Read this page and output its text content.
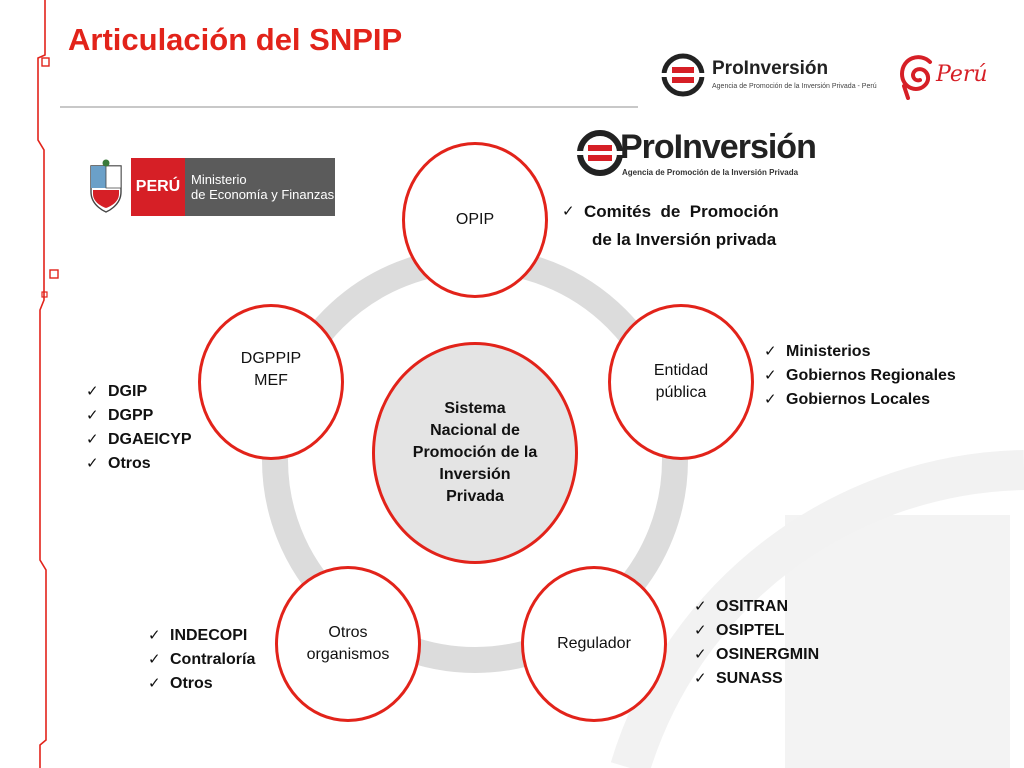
Articulación del SNPIP
ProInversión
Agencia de Promoción de la Inversión Privada - Perú	Perú
ProInversión
Agencia de Promoción de la Inversión Privada
PERÚ Ministerio
de Economía y Finanzas
OPIP
Entidad
pública
Regulador
Otros
organismos
DGPPIP
MEF
Sistema
Nacional de
Promoción de la
Inversión
Privada
✓ Comités  de  Promoción
de la Inversión privada
✓ Ministerios
✓ Gobiernos Regionales
✓ Gobiernos Locales
✓ OSITRAN
✓ OSIPTEL
✓ OSINERGMIN
✓ SUNASS
✓ INDECOPI
✓ Contraloría
✓ Otros
✓ DGIP
✓ DGPP
✓ DGAEICYP
✓ Otros
